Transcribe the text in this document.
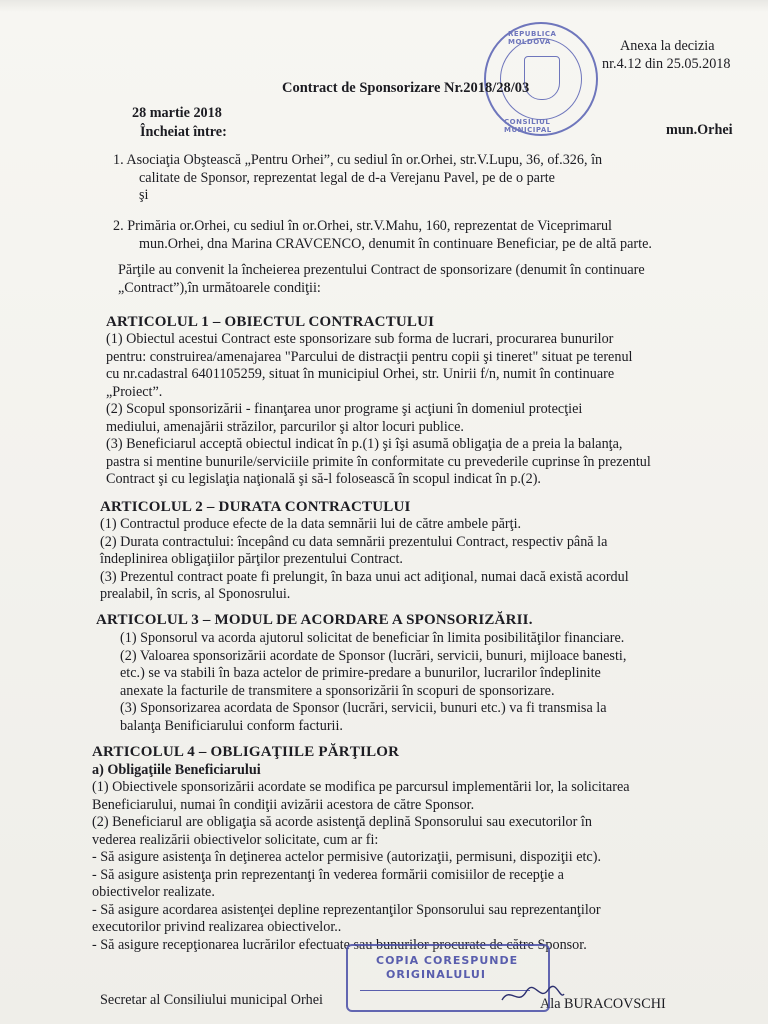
REPUBLICA MOLDOVA
CONSILIUL MUNICIPAL
Anexa la decizia
nr.4.12 din 25.05.2018
Contract de Sponsorizare Nr.2018/28/03
28 martie 2018
Încheiat între:	mun.Orhei
1. Asociaţia Obştească „Pentru Orhei”, cu sediul în or.Orhei, str.V.Lupu, 36, of.326, în
calitate de Sponsor, reprezentat legal de d-a Verejanu Pavel, pe de o parte
şi
2. Primăria or.Orhei, cu sediul în or.Orhei, str.V.Mahu, 160, reprezentat de Viceprimarul
mun.Orhei, dna Marina CRAVCENCO, denumit în continuare Beneficiar, pe de altă parte.
Părţile au convenit la încheierea prezentului Contract de sponsorizare (denumit în continuare
„Contract”),în următoarele condiţii:
ARTICOLUL 1 – OBIECTUL CONTRACTULUI
(1) Obiectul acestui Contract este sponsorizare sub forma de lucrari, procurarea bunurilor
pentru: construirea/amenajarea "Parcului de distracţii pentru copii şi tineret" situat pe terenul
cu nr.cadastral 6401105259, situat în municipiul Orhei, str. Unirii f/n, numit în continuare
„Proiect”.
(2) Scopul sponsorizării - finanţarea unor programe şi acţiuni în domeniul protecţiei
mediului, amenajării străzilor, parcurilor şi altor locuri publice.
(3) Beneficiarul acceptă obiectul indicat în p.(1) şi îşi asumă obligaţia de a preia la balanţa,
pastra si mentine bunurile/serviciile primite în conformitate cu prevederile cuprinse în prezentul
Contract şi cu legislaţia naţională şi să-l folosească în scopul indicat în p.(2).
ARTICOLUL 2 – DURATA CONTRACTULUI
(1) Contractul produce efecte de la data semnării lui de către ambele părţi.
(2) Durata contractului: începând cu data semnării prezentului Contract, respectiv până la
îndeplinirea obligaţiilor părţilor prezentului Contract.
(3) Prezentul contract poate fi prelungit, în baza unui act adiţional, numai dacă există acordul
prealabil, în scris, al Sponosrului.
ARTICOLUL 3 – MODUL DE ACORDARE A SPONSORIZĂRII.
(1) Sponsorul va acorda ajutorul solicitat de beneficiar în limita posibilităţilor financiare.
(2) Valoarea sponsorizării acordate de Sponsor (lucrări, servicii, bunuri, mijloace banesti,
etc.) se va stabili în baza actelor de primire-predare a bunurilor, lucrarilor îndeplinite
anexate la facturile de transmitere a sponsorizării în scopuri de sponsorizare.
(3) Sponsorizarea acordata de Sponsor (lucrări, servicii, bunuri etc.) va fi transmisa la
balanţa Benificiarului conform facturii.
ARTICOLUL 4 – OBLIGAŢIILE PĂRŢILOR
a) Obligaţiile Beneficiarului
(1) Obiectivele sponsorizării acordate se modifica pe parcursul implementării lor, la solicitarea
Beneficiarului, numai în condiţii avizării acestora de către Sponsor.
(2) Beneficiarul are obligaţia să acorde asistenţă deplină Sponsorului sau executorilor în
vederea realizării obiectivelor solicitate, cum ar fi:
- Să asigure asistenţa în deţinerea actelor permisive (autorizaţii, permisuni, dispoziţii etc).
- Să asigure asistenţa prin reprezentanţi în vederea formării comisiilor de recepţie a
obiectivelor realizate.
- Să asigure acordarea asistenţei depline reprezentanţilor Sponsorului sau reprezentanţilor
executorilor privind realizarea obiectivelor..
- Să asigure recepţionarea lucrărilor efectuate sau bunurilor procurate de către Sponsor.
Secretar al Consiliului municipal Orhei	Ala BURACOVSCHI
COPIA CORESPUNDE
ORIGINALULUI
